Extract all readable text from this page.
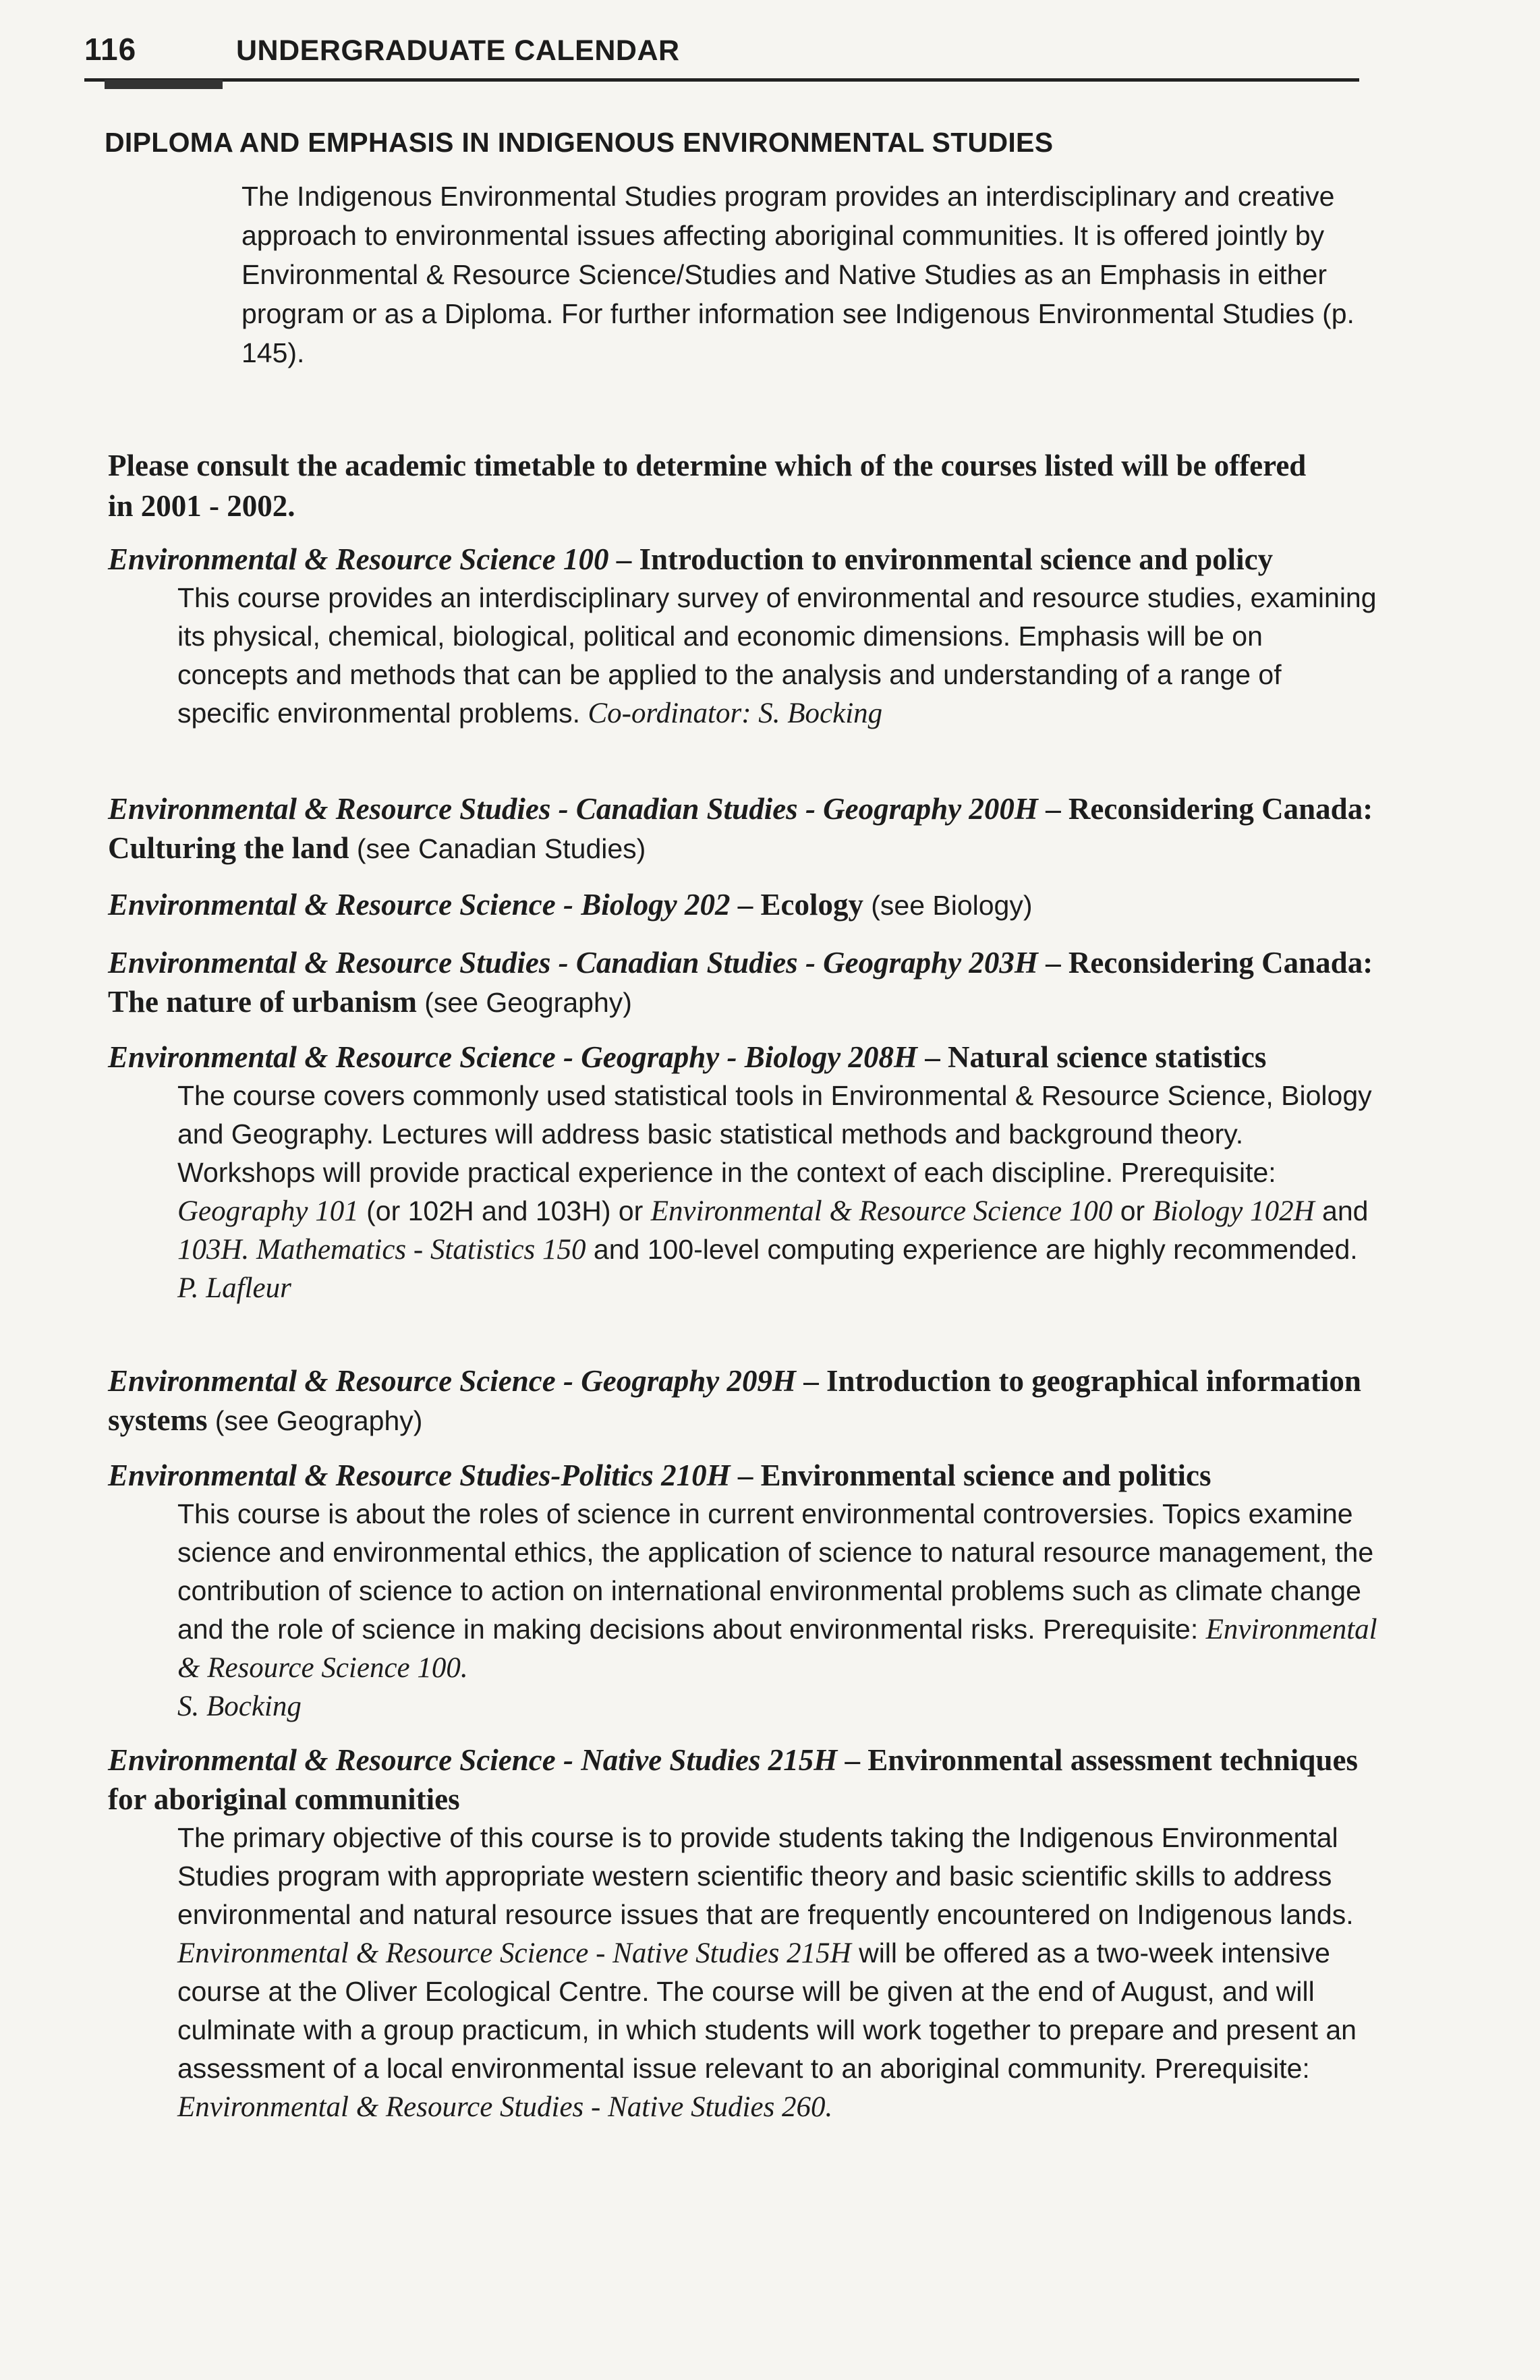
116	UNDERGRADUATE CALENDAR
DIPLOMA AND EMPHASIS IN INDIGENOUS ENVIRONMENTAL STUDIES
The Indigenous Environmental Studies program provides an interdisciplinary and creative approach to environmental issues affecting aboriginal communities. It is offered jointly by Environmental & Resource Science/Studies and Native Studies as an Emphasis in either program or as a Diploma. For further information see Indigenous Environmental Studies (p. 145).
Please consult the academic timetable to determine which of the courses listed will be offered in 2001 - 2002.
Environmental & Resource Science 100 – Introduction to environmental science and policy
This course provides an interdisciplinary survey of environmental and resource studies, examining its physical, chemical, biological, political and economic dimensions. Emphasis will be on concepts and methods that can be applied to the analysis and understanding of a range of specific environmental problems. Co-ordinator: S. Bocking
Environmental & Resource Studies - Canadian Studies - Geography 200H – Reconsidering Canada: Culturing the land (see Canadian Studies)
Environmental & Resource Science - Biology 202 – Ecology (see Biology)
Environmental & Resource Studies - Canadian Studies - Geography 203H – Reconsidering Canada: The nature of urbanism (see Geography)
Environmental & Resource Science - Geography - Biology 208H – Natural science statistics
The course covers commonly used statistical tools in Environmental & Resource Science, Biology and Geography. Lectures will address basic statistical methods and background theory. Workshops will provide practical experience in the context of each discipline. Prerequisite: Geography 101 (or 102H and 103H) or Environmental & Resource Science 100 or Biology 102H and 103H. Mathematics - Statistics 150 and 100-level computing experience are highly recommended. P. Lafleur
Environmental & Resource Science - Geography 209H – Introduction to geographical information systems (see Geography)
Environmental & Resource Studies-Politics 210H – Environmental science and politics
This course is about the roles of science in current environmental controversies. Topics examine science and environmental ethics, the application of science to natural resource management, the contribution of science to action on international environmental problems such as climate change and the role of science in making decisions about environmental risks. Prerequisite: Environmental & Resource Science 100.
S. Bocking
Environmental & Resource Science - Native Studies 215H – Environmental assessment techniques for aboriginal communities
The primary objective of this course is to provide students taking the Indigenous Environmental Studies program with appropriate western scientific theory and basic scientific skills to address environmental and natural resource issues that are frequently encountered on Indigenous lands. Environmental & Resource Science - Native Studies 215H will be offered as a two-week intensive course at the Oliver Ecological Centre. The course will be given at the end of August, and will culminate with a group practicum, in which students will work together to prepare and present an assessment of a local environmental issue relevant to an aboriginal community. Prerequisite: Environmental & Resource Studies - Native Studies 260.
